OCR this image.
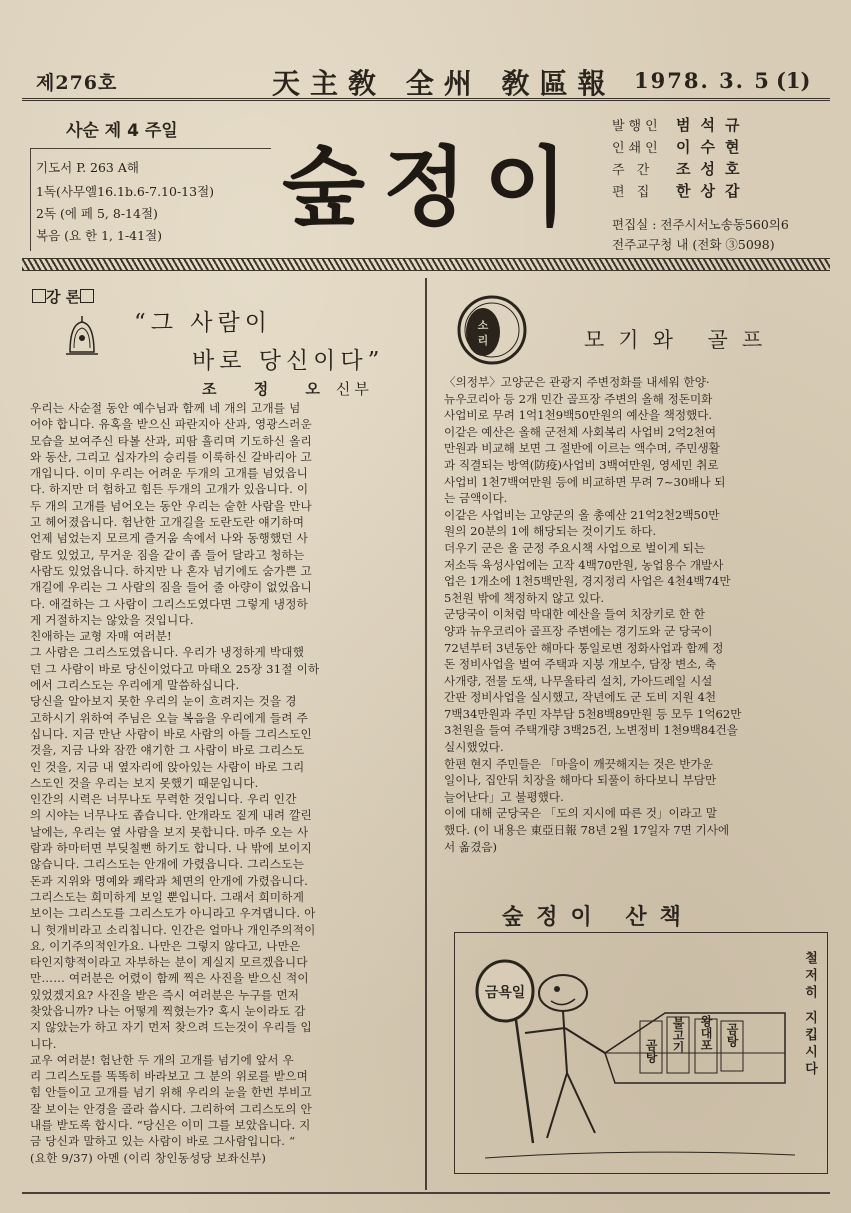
제276호	天主敎 全州 敎區報 1978. 3. 5 (1)
사순 제 4 주일
기도서 P. 263 A해
1독(사무엘16.1b.6-7.10-13절)
2독 (에 페 5, 8-14절)
복음 (요 한 1, 1-41절) 숲정이
발행인 범석규
인쇄인 이수현
주 간 조성호
편 집 한상갑
편집실 : 전주시서노송동560의6
전주교구청 내 (전화 ③5098)
강 론
“그 사람이
바로 당신이다”
조 정 오신부
우리는 사순절 동안 예수님과 함께 네 개의 고개를 넘
어야 합니다. 유혹을 받으신 파란지아 산과, 영광스러운
모습을 보여주신 타볼 산과, 피땀 흘리며 기도하신 올리
와 동산, 그리고 십자가의 승리를 이룩하신 갈바리아 고
개입니다. 이미 우리는 어려운 두개의 고개를 넘었읍니
다. 하지만 더 험하고 힘든 두개의 고개가 있읍니다. 이
두 개의 고개를 넘어오는 동안 우리는 숱한 사람을 만나
고 헤어졌읍니다. 험난한 고개길을 도란도란 얘기하며
언제 넘었는지 모르게 즐거움 속에서 나와 동행했던 사
람도 있었고, 무거운 짐을 같이 좀 들어 달라고 청하는
사람도 있었읍니다. 하지만 나 혼자 넘기에도 숨가쁜 고
개길에 우리는 그 사람의 짐을 들어 줄 아량이 없었읍니
다. 애걸하는 그 사람이 그리스도였다면 그렇게 냉정하
게 거절하지는 않았을 것입니다.
친애하는 교형 자매 여러분!
그 사람은 그리스도였읍니다. 우리가 냉정하게 박대했
던 그 사람이 바로 당신이었다고 마태오 25장 31절 이하
에서 그리스도는 우리에게 말씀하십니다.
당신을 알아보지 못한 우리의 눈이 흐려지는 것을 경
고하시기 위하여 주님은 오늘 복음을 우리에게 들려 주
십니다. 지금 만난 사람이 바로 사람의 아들 그리스도인
것을, 지금 나와 잠깐 얘기한 그 사람이 바로 그리스도
인 것을, 지금 내 옆자리에 앉아있는 사람이 바로 그리
스도인 것을 우리는 보지 못했기 때문입니다.
인간의 시력은 너무나도 무력한 것입니다. 우리 인간
의 시야는 너무나도 좁습니다. 안개라도 짙게 내려 깔린
날에는, 우리는 옆 사람을 보지 못합니다. 마주 오는 사
람과 하마터면 부딪칠뻔 하기도 합니다. 나 밖에 보이지
않습니다. 그리스도는 안개에 가렸읍니다. 그리스도는
돈과 지위와 명예와 쾌락과 체면의 안개에 가렸읍니다.
그리스도는 희미하게 보일 뿐입니다. 그래서 희미하게
보이는 그리스도를 그리스도가 아니라고 우겨댑니다. 아
니 헛개비라고 소리칩니다. 인간은 얼마나 개인주의적이
요, 이기주의적인가요. 나만은 그렇지 않다고, 나만은
타인지향적이라고 자부하는 분이 계실지 모르겠읍니다
만…… 여러분은 어렸이 함께 찍은 사진을 받으신 적이
있었겠지요? 사진을 받은 즉시 여러분은 누구를 먼저
찾았읍니까? 나는 어떻게 찍혔는가? 혹시 눈이라도 감
지 않았는가 하고 자기 먼저 찾으려 드는것이 우리들 입
니다.
교우 여러분! 험난한 두 개의 고개를 넘기에 앞서 우
리 그리스도를 똑똑히 바라보고 그 분의 위로를 받으며
힘 안들이고 고개를 넘기 위해 우리의 눈을 한번 부비고
잘 보이는 안경을 골라 씁시다. 그리하여 그리스도의 안
내를 받도록 합시다. “당신은 이미 그를 보았읍니다. 지
금 당신과 말하고 있는 사람이 바로 그사람입니다. “
(요한 9/37) 아멘 (이리 창인동성당 보좌신부)
소
리	모기와 골프
〈의정부〉고양군은 관광지 주변정화를 내세워 한양·
뉴우코리아 등 2개 민간 골프장 주변의 올해 정돈미화
사업비로 무려 1억1천9백50만원의 예산을 책정했다.
이같은 예산은 올해 군전체 사회복리 사업비 2억2천여
만원과 비교해 보면 그 절반에 이르는 액수며, 주민생활
과 직결되는 방역(防疫)사업비 3백여만원, 영세민 취로
사업비 1천7백여만원 등에 비교하면 무려 7~30배나 되
는 금액이다.
이같은 사업비는 고양군의 올 총예산 21억2천2백50만
원의 20분의 1에 해당되는 것이기도 하다.
더우기 군은 올 군정 주요시책 사업으로 벌이게 되는
저소득 육성사업에는 고작 4백70만원, 농업용수 개발사
업은 1개소에 1천5백만원, 경지정리 사업은 4천4백74만
5천원 밖에 책정하지 않고 있다.
군당국이 이처럼 막대한 예산을 들여 치장키로 한 한
양과 뉴우코리아 골프장 주변에는 경기도와 군 당국이
72년부터 3년동안 해마다 통일로변 정화사업과 함께 정
돈 정비사업을 벌여 주택과 지붕 개보수, 담장 변소, 축
사개량, 전물 도색, 나무울타리 설치, 가아드레일 시설
간판 정비사업을 실시했고, 작년에도 군 도비 지원 4천
7백34만원과 주민 자부담 5천8백89만원 등 모두 1억62만
3천원을 들여 주택개량 3백25건, 노변정비 1천9백84건을
실시했었다.
한편 현지 주민들은 「마을이 깨끗해지는 것은 반가운
일이나, 집안뒤 치장을 해마다 되풀이 하다보니 부담만
늘어난다」고 불평했다.
이에 대해 군당국은 「도의 지시에 따른 것」이라고 말
했다. (이 내용은 東亞日報 78년 2월 17일자 7면 기사에
서 옮겼음)
숲정이 산책
곰탕 불고기 왕대포 곰탕
금욕일	철저히 지킵시다
